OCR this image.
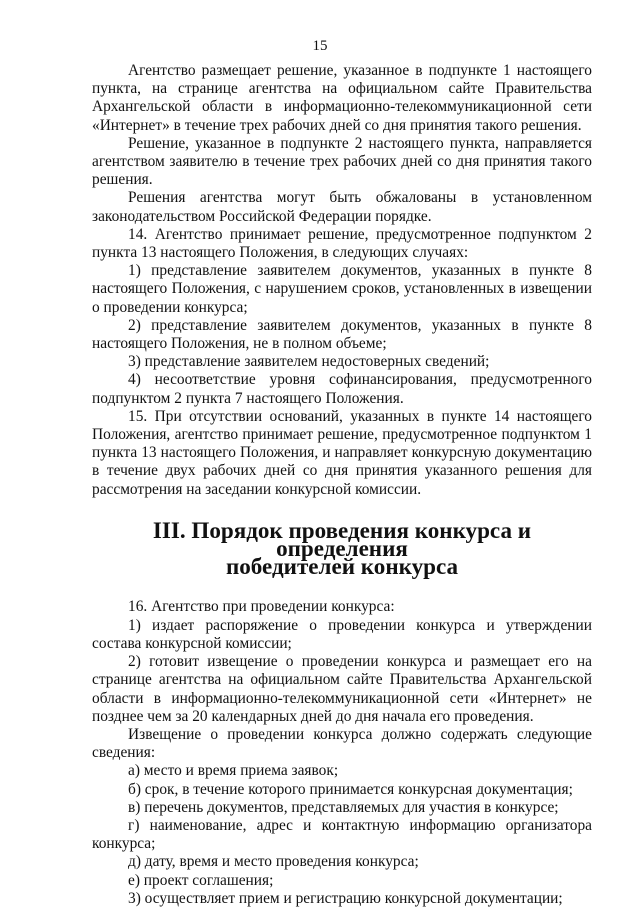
15

Агентство размещает решение, указанное в подпункте 1 настоящего пункта, на странице агентства на официальном сайте Правительства Архангельской области в информационно-телекоммуникационной сети «Интернет» в течение трех рабочих дней со дня принятия такого решения.

Решение, указанное в подпункте 2 настоящего пункта, направляется агентством заявителю в течение трех рабочих дней со дня принятия такого решения.

Решения агентства могут быть обжалованы в установленном законодательством Российской Федерации порядке.

14. Агентство принимает решение, предусмотренное подпунктом 2 пункта 13 настоящего Положения, в следующих случаях:

1) представление заявителем документов, указанных в пункте 8 настоящего Положения, с нарушением сроков, установленных в извещении о проведении конкурса;

2) представление заявителем документов, указанных в пункте 8 настоящего Положения, не в полном объеме;

3) представление заявителем недостоверных сведений;

4) несоответствие уровня софинансирования, предусмотренного подпунктом 2 пункта 7 настоящего Положения.

15. При отсутствии оснований, указанных в пункте 14 настоящего Положения, агентство принимает решение, предусмотренное подпунктом 1 пункта 13 настоящего Положения, и направляет конкурсную документацию в течение двух рабочих дней со дня принятия указанного решения для рассмотрения на заседании конкурсной комиссии.

III. Порядок проведения конкурса и определения
победителей конкурса

16. Агентство при проведении конкурса:

1) издает распоряжение о проведении конкурса и утверждении состава конкурсной комиссии;

2) готовит извещение о проведении конкурса и размещает его на странице агентства на официальном сайте Правительства Архангельской области в информационно-телекоммуникационной сети «Интернет» не позднее чем за 20 календарных дней до дня начала его проведения.

Извещение о проведении конкурса должно содержать следующие сведения:

а) место и время приема заявок;

б) срок, в течение которого принимается конкурсная документация;

в) перечень документов, представляемых для участия в конкурсе;

г) наименование, адрес и контактную информацию организатора конкурса;

д) дату, время и место проведения конкурса;

е) проект соглашения;

3) осуществляет прием и регистрацию конкурсной документации;
